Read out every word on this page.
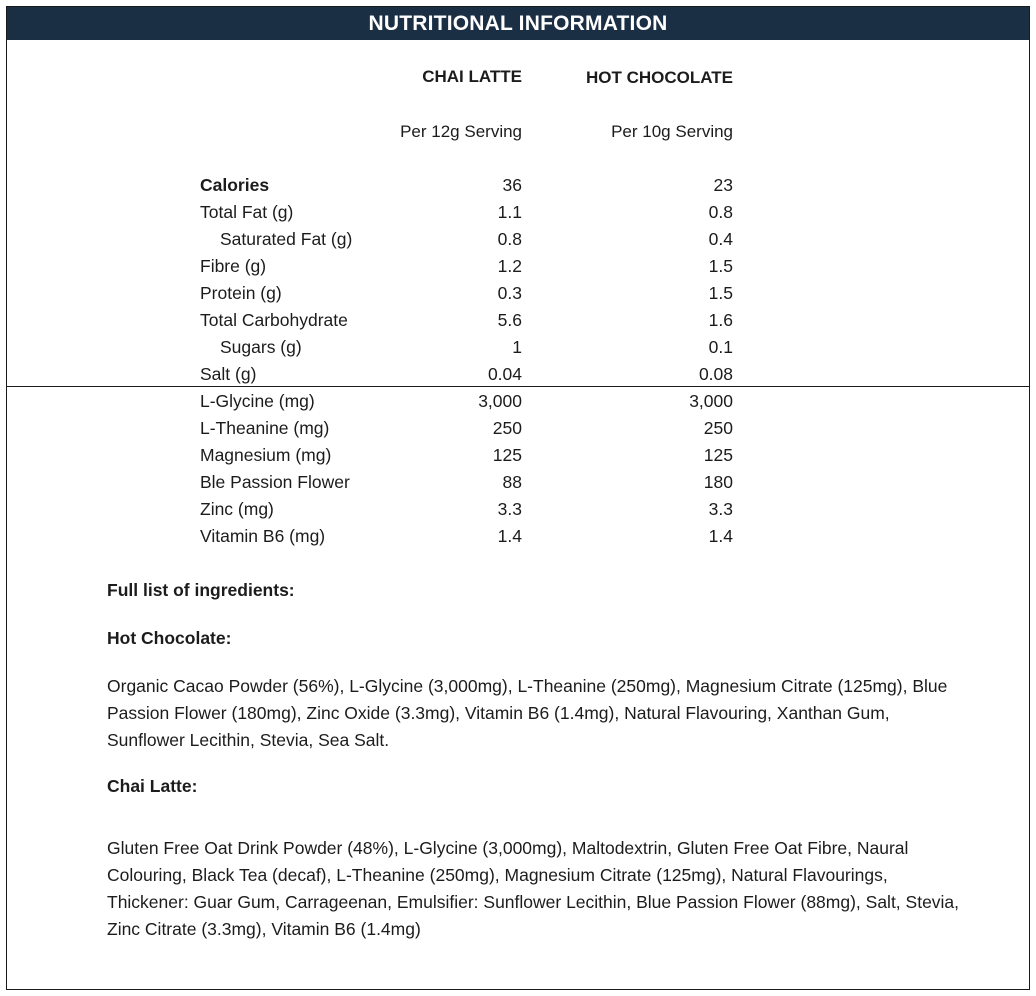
NUTRITIONAL INFORMATION
CHAI LATTE	HOT CHOCOLATE
Per 12g Serving	Per 10g Serving
Calories	36	23
Total Fat (g)	1.1	0.8
Saturated Fat (g)	0.8	0.4
Fibre (g)	1.2	1.5
Protein (g)	0.3	1.5
Total Carbohydrate	5.6	1.6
Sugars (g)	1	0.1
Salt (g)	0.04	0.08
L-Glycine (mg)	3,000	3,000
L-Theanine (mg)	250	250
Magnesium (mg)	125	125
Ble Passion Flower	88	180
Zinc (mg)	3.3	3.3
Vitamin B6 (mg)	1.4	1.4
Full list of ingredients:
Hot Chocolate:
Organic Cacao Powder (56%), L-Glycine (3,000mg), L-Theanine (250mg), Magnesium Citrate (125mg), Blue Passion Flower (180mg), Zinc Oxide (3.3mg), Vitamin B6 (1.4mg), Natural Flavouring, Xanthan Gum, Sunflower Lecithin, Stevia, Sea Salt.
Chai Latte:
Gluten Free Oat Drink Powder (48%), L-Glycine (3,000mg), Maltodextrin, Gluten Free Oat Fibre, Naural Colouring, Black Tea (decaf), L-Theanine (250mg), Magnesium Citrate (125mg), Natural Flavourings, Thickener: Guar Gum, Carrageenan, Emulsifier: Sunflower Lecithin, Blue Passion Flower (88mg), Salt, Stevia, Zinc Citrate (3.3mg), Vitamin B6 (1.4mg)
